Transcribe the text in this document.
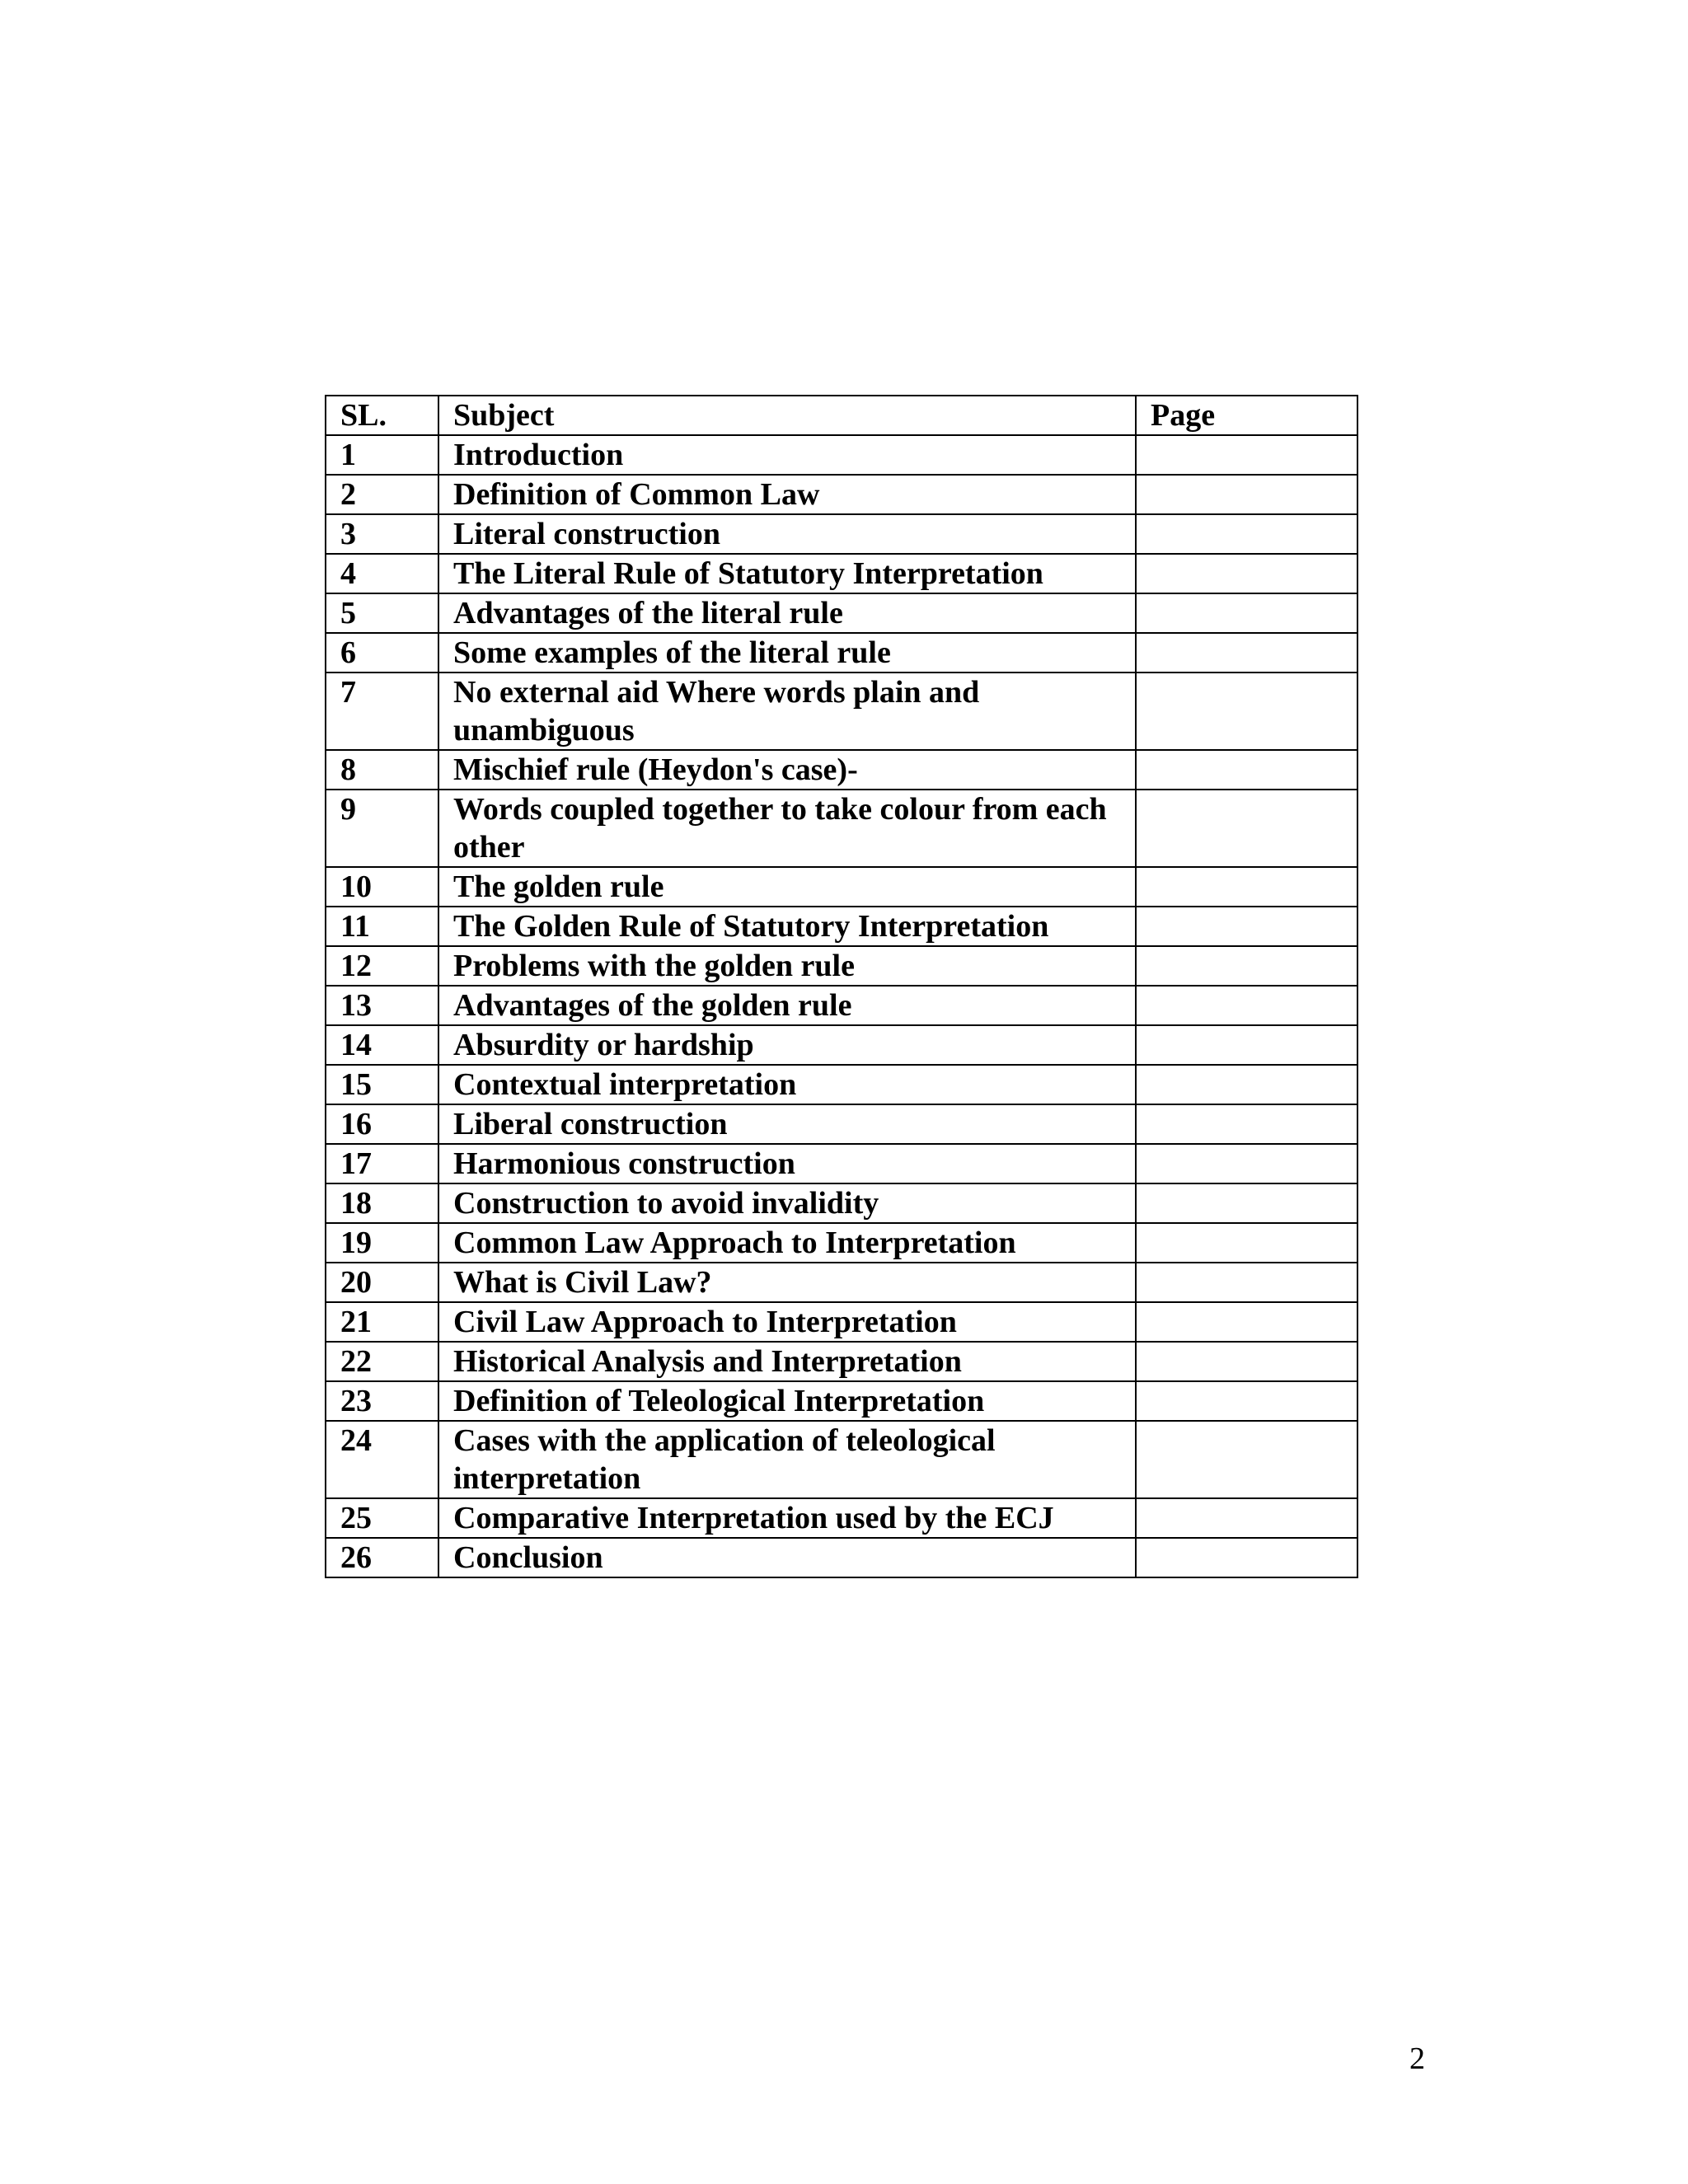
SL.	Subject	Page
1	Introduction	
2	Definition of Common Law	
3	Literal construction	
4	The Literal Rule of Statutory Interpretation	
5	Advantages of the literal rule	
6	Some examples of the literal rule	
7	No external aid Where words plain and unambiguous	
8	Mischief rule (Heydon's case)-	
9	Words coupled together to take colour from each other	
10	The golden rule	
11	The Golden Rule of Statutory Interpretation	
12	Problems with the golden rule	
13	Advantages of the golden rule	
14	Absurdity or hardship	
15	Contextual interpretation	
16	Liberal construction	
17	Harmonious construction	
18	Construction to avoid invalidity	
19	Common Law Approach to Interpretation	
20	What is Civil Law?	
21	Civil Law Approach to Interpretation	
22	Historical Analysis and Interpretation	
23	Definition of Teleological Interpretation	
24	Cases with the application of teleological interpretation	
25	Comparative Interpretation used by the ECJ	
26	Conclusion	
2
